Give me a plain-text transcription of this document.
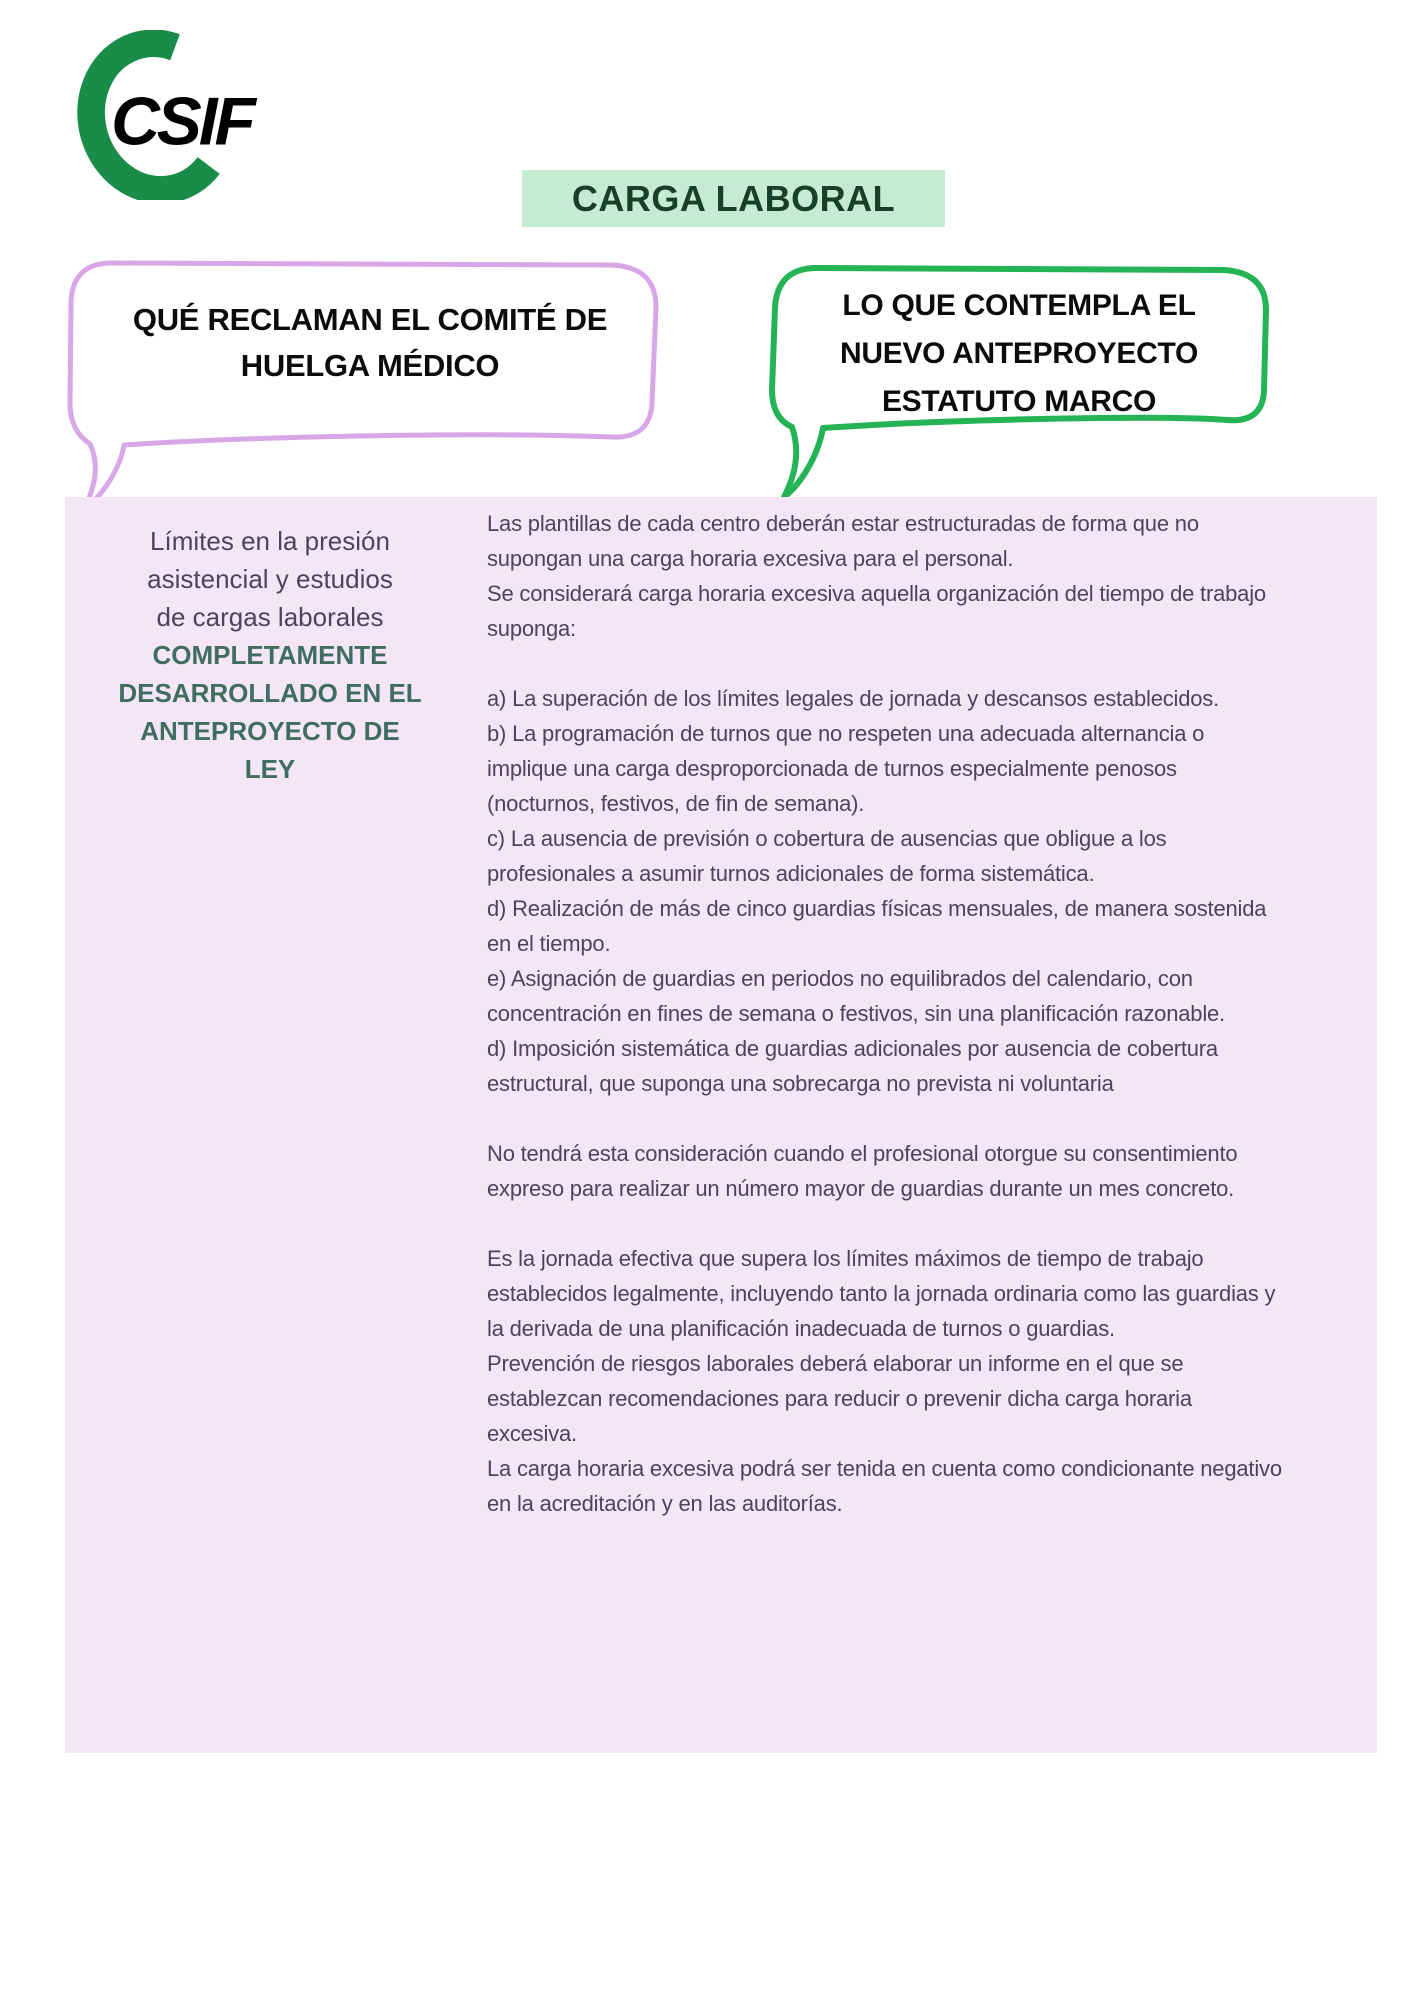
CSIF
CARGA LABORAL
QUÉ RECLAMAN EL COMITÉ DE HUELGA MÉDICO
LO QUE CONTEMPLA EL NUEVO ANTEPROYECTO ESTATUTO MARCO
Límites en la presión
asistencial y estudios
de cargas laborales
COMPLETAMENTE
DESARROLLADO EN EL
ANTEPROYECTO DE
LEY
Las plantillas de cada centro deberán estar estructuradas de forma que no supongan una carga horaria excesiva para el personal.
Se considerará carga horaria excesiva aquella organización del tiempo de trabajo suponga:
a) La superación de los límites legales de jornada y descansos establecidos.
b) La programación de turnos que no respeten una adecuada alternancia o implique una carga desproporcionada de turnos especialmente penosos (nocturnos, festivos, de fin de semana).
c) La ausencia de previsión o cobertura de ausencias que obligue a los profesionales a asumir turnos adicionales de forma sistemática.
d) Realización de más de cinco guardias físicas mensuales, de manera sostenida en el tiempo.
e) Asignación de guardias en periodos no equilibrados del calendario, con concentración en fines de semana o festivos, sin una planificación razonable.
d) Imposición sistemática de guardias adicionales por ausencia de cobertura estructural, que suponga una sobrecarga no prevista ni voluntaria
No tendrá esta consideración cuando el profesional otorgue su consentimiento expreso para realizar un número mayor de guardias durante un mes concreto.
Es la jornada efectiva que supera los límites máximos de tiempo de trabajo establecidos legalmente, incluyendo tanto la jornada ordinaria como las guardias y la derivada de una planificación inadecuada de turnos o guardias.
Prevención de riesgos laborales deberá elaborar un informe en el que se establezcan recomendaciones para reducir o prevenir dicha carga horaria excesiva.
La carga horaria excesiva podrá ser tenida en cuenta como condicionante negativo en la acreditación y en las auditorías.
